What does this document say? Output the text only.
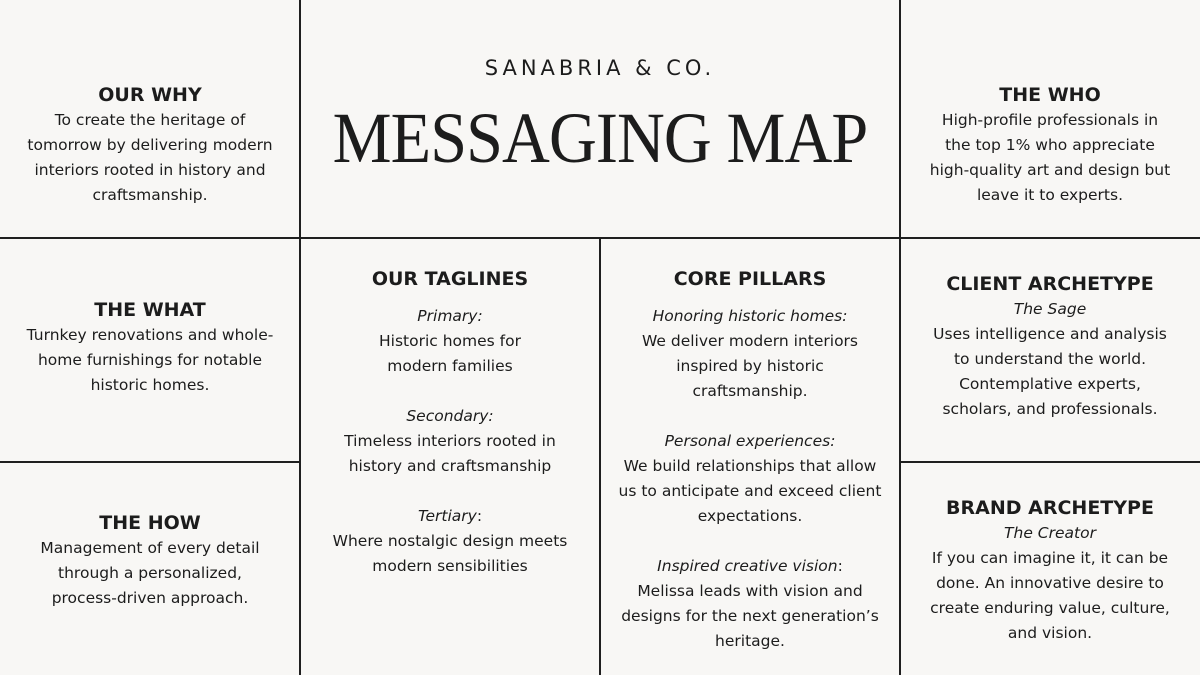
SANABRIA & CO.
MESSAGING MAP
OUR WHY
To create the heritage of
tomorrow by delivering modern
interiors rooted in history and
craftsmanship.
THE WHO
High-profile professionals in
the top 1% who appreciate
high-quality art and design but
leave it to experts.
THE WHAT
Turnkey renovations and whole-
home furnishings for notable
historic homes.
THE HOW
Management of every detail
through a personalized,
process-driven approach.
OUR TAGLINES
Primary:
Historic homes for
modern families
Secondary:
Timeless interiors rooted in
history and craftsmanship
Tertiary:
Where nostalgic design meets
modern sensibilities
CORE PILLARS
Honoring historic homes:
We deliver modern interiors
inspired by historic
craftsmanship.
Personal experiences:
We build relationships that allow
us to anticipate and exceed client
expectations.
Inspired creative vision:
Melissa leads with vision and
designs for the next generation’s
heritage.
CLIENT ARCHETYPE
The Sage
Uses intelligence and analysis
to understand the world.
Contemplative experts,
scholars, and professionals.
BRAND ARCHETYPE
The Creator
If you can imagine it, it can be
done. An innovative desire to
create enduring value, culture,
and vision.
